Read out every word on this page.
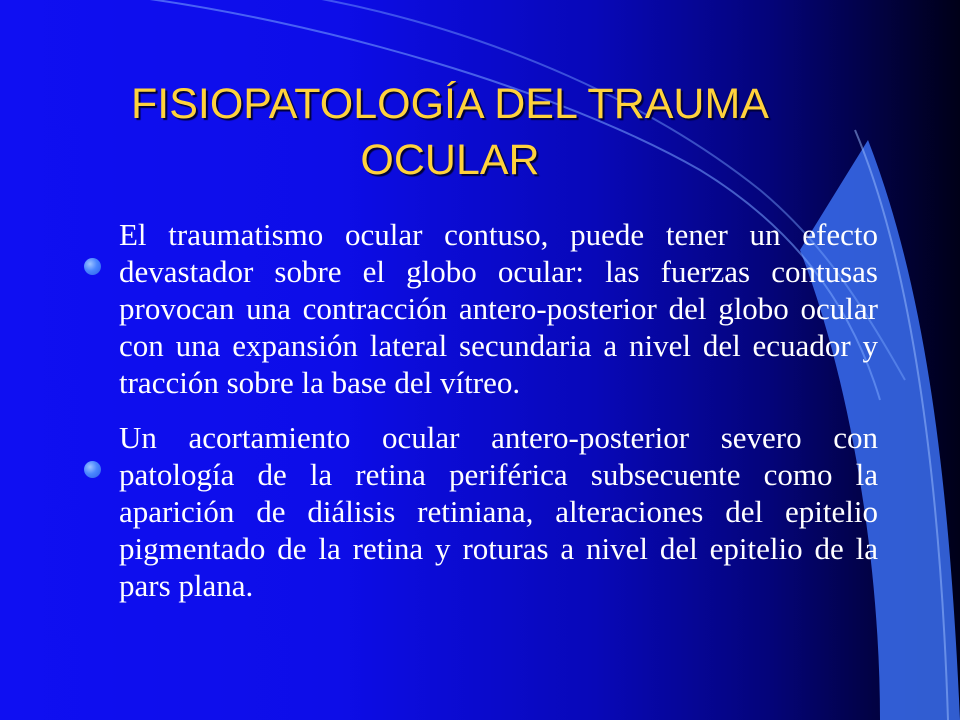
FISIOPATOLOGÍA DEL TRAUMA OCULAR
El traumatismo ocular contuso, puede tener un efecto devastador sobre el globo ocular: las fuerzas contusas provocan una contracción antero-posterior del globo ocular con una expansión lateral secundaria a nivel del ecuador y tracción sobre la base del vítreo.
Un acortamiento ocular antero-posterior severo con patología de la retina periférica subsecuente como la aparición de diálisis retiniana, alteraciones del epitelio pigmentado de la retina y roturas a nivel del epitelio de la pars plana.
